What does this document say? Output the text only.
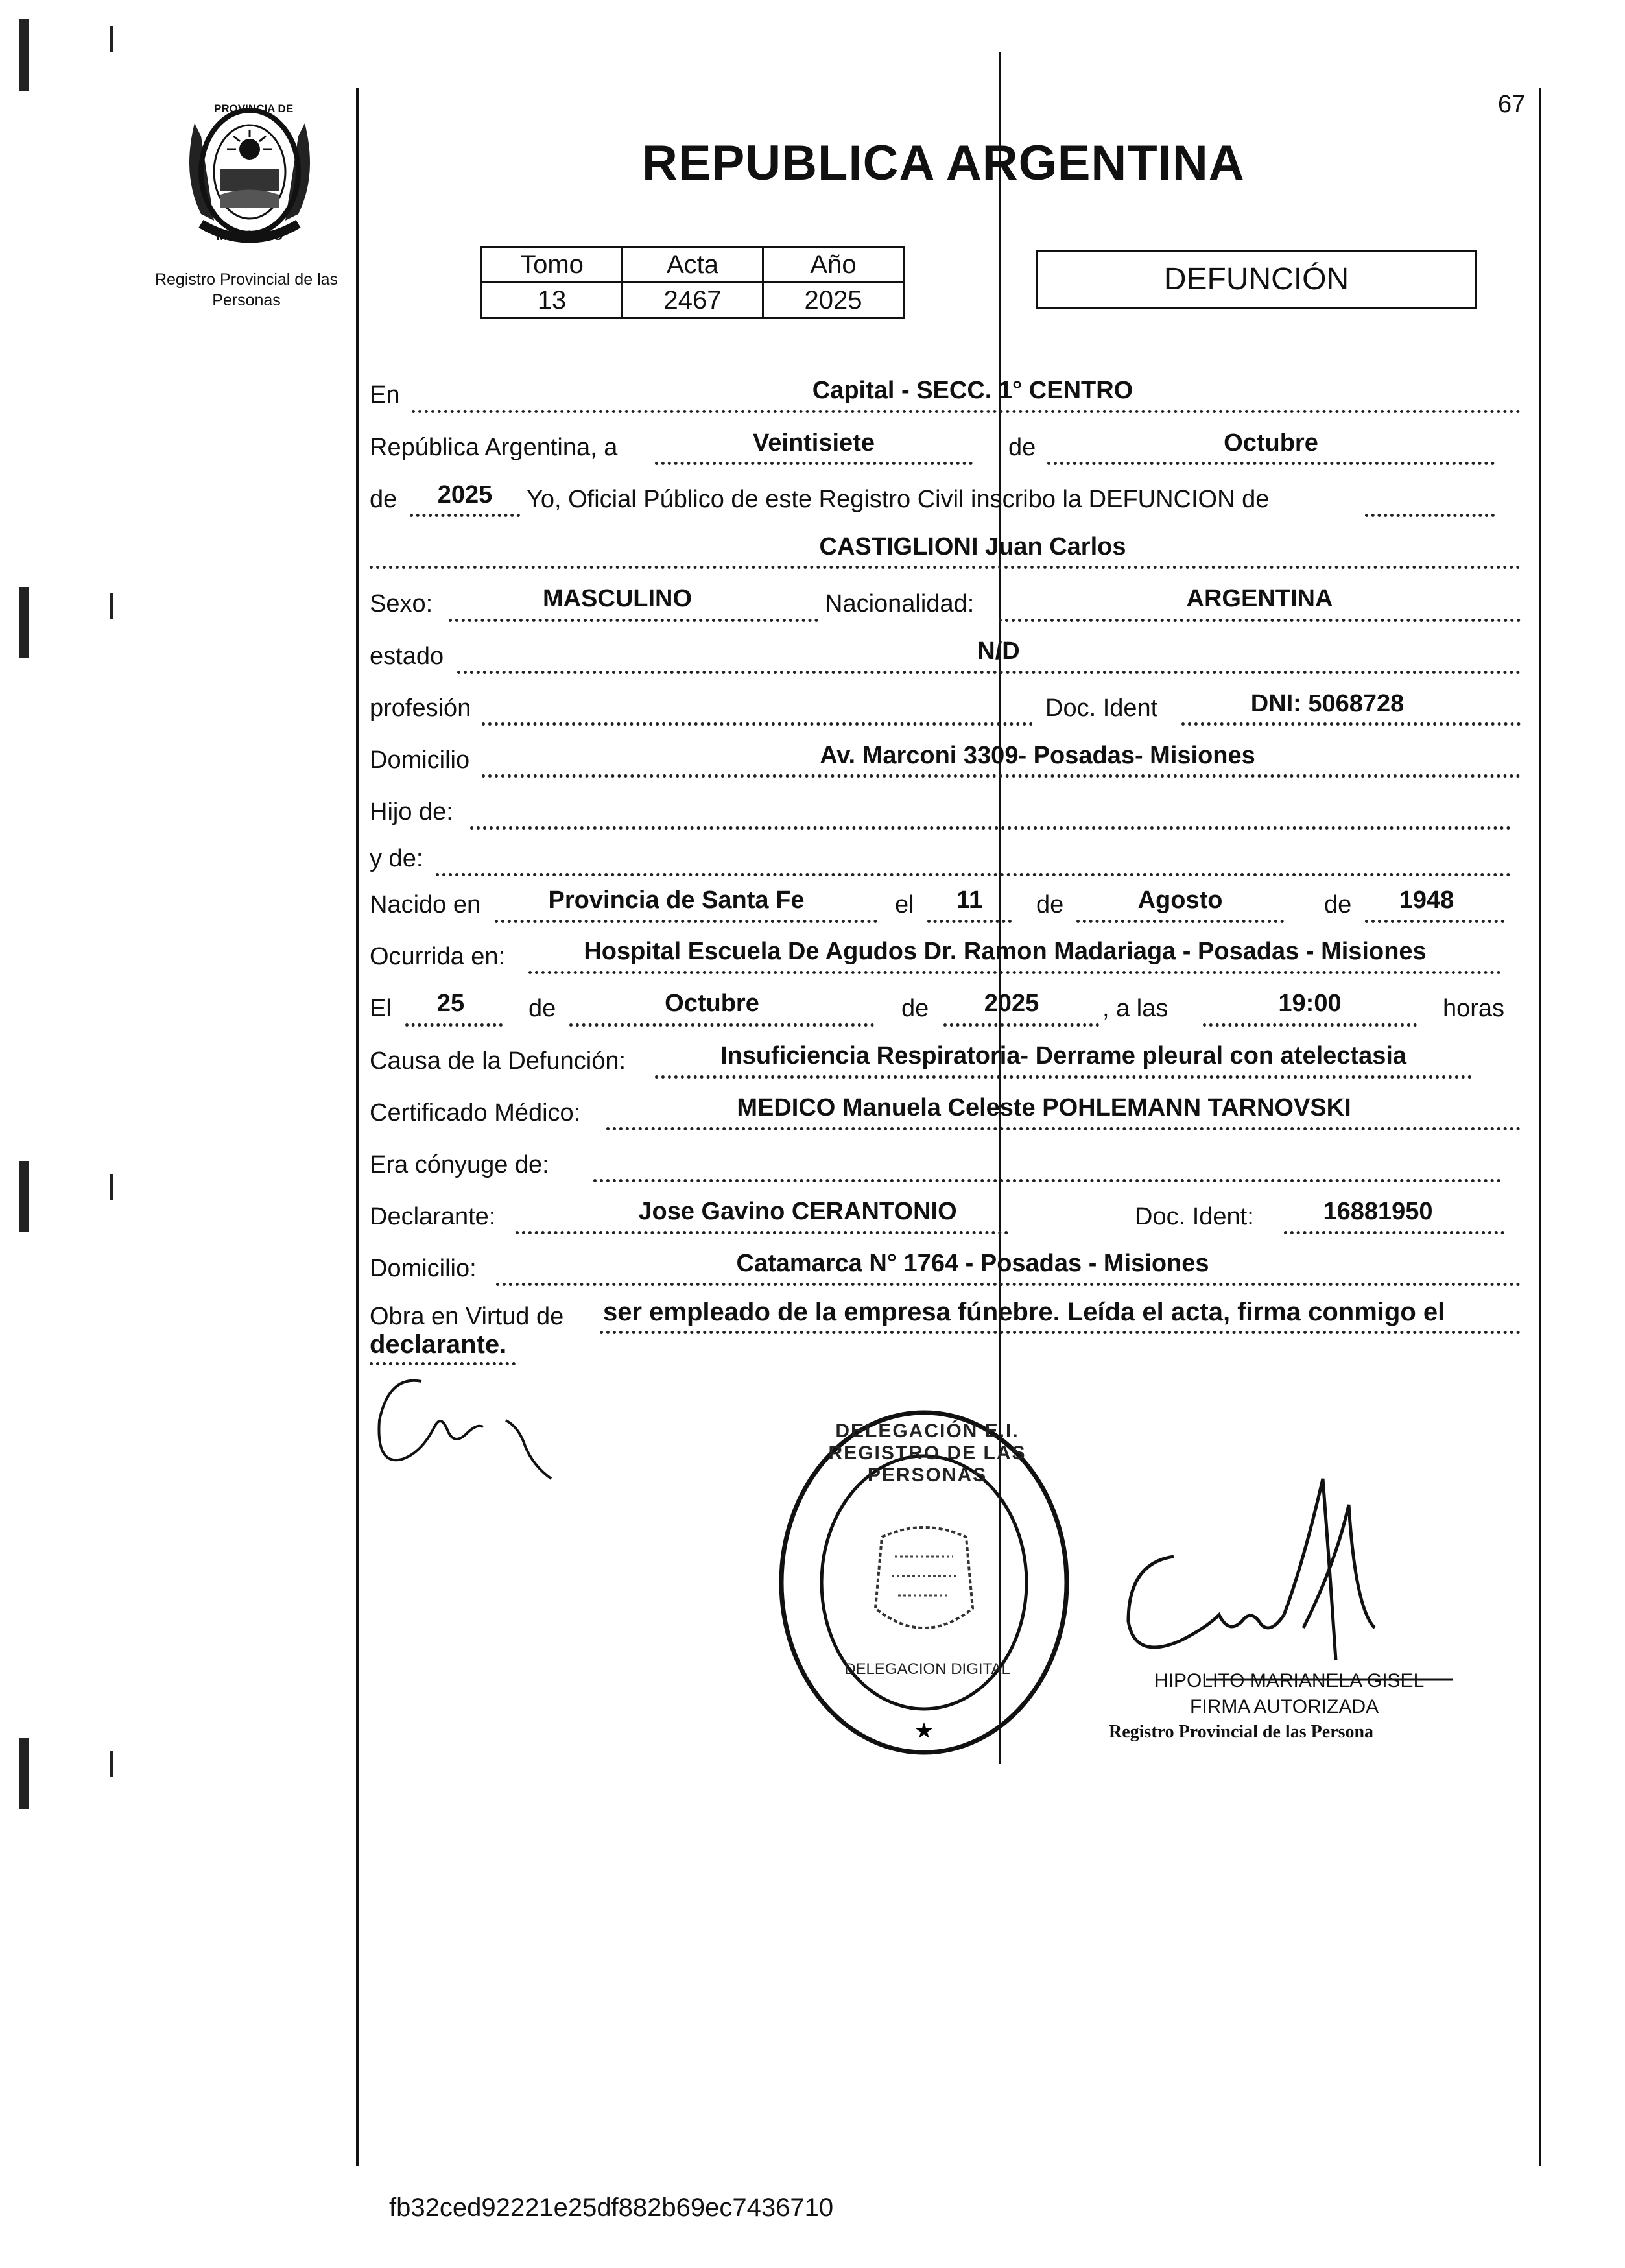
67
PROVINCIA DE
MISIONES
Registro Provincial de las Personas
REPUBLICA ARGENTINA
Tomo	Acta	Año
13	2467	2025
DEFUNCIÓN
En	Capital - SECC. 1° CENTRO
República Argentina, a	Veintisiete	de	Octubre
de	2025	Yo, Oficial Público de este Registro Civil inscribo la DEFUNCION de
CASTIGLIONI Juan Carlos
Sexo:	MASCULINO	Nacionalidad:	ARGENTINA
estado	N/D
profesión	Doc. Ident	DNI: 5068728
Domicilio	Av. Marconi 3309- Posadas- Misiones
Hijo de:
y de:
Nacido en	Provincia de Santa Fe	el	11	de	Agosto	de	1948
Ocurrida en:	Hospital Escuela De Agudos Dr. Ramon Madariaga - Posadas - Misiones
El	25	de	Octubre	de	2025	, a las	19:00	horas
Causa de la Defunción:	Insuficiencia Respiratoria- Derrame pleural con atelectasia
Certificado Médico:	MEDICO Manuela Celeste POHLEMANN TARNOVSKI
Era cónyuge de:
Declarante:	Jose Gavino CERANTONIO	Doc. Ident:	16881950
Domicilio:	Catamarca N° 1764 - Posadas - Misiones
Obra en Virtud de ser empleado de la empresa fúnebre. Leída el acta, firma conmigo el
declarante.
★
DELEGACIÓN E.I. REGISTRO DE LAS PERSONAS
DELEGACION DIGITAL
HIPOLITO MARIANELA GISEL
FIRMA AUTORIZADA
Registro Provincial de las Persona
fb32ced92221e25df882b69ec7436710
